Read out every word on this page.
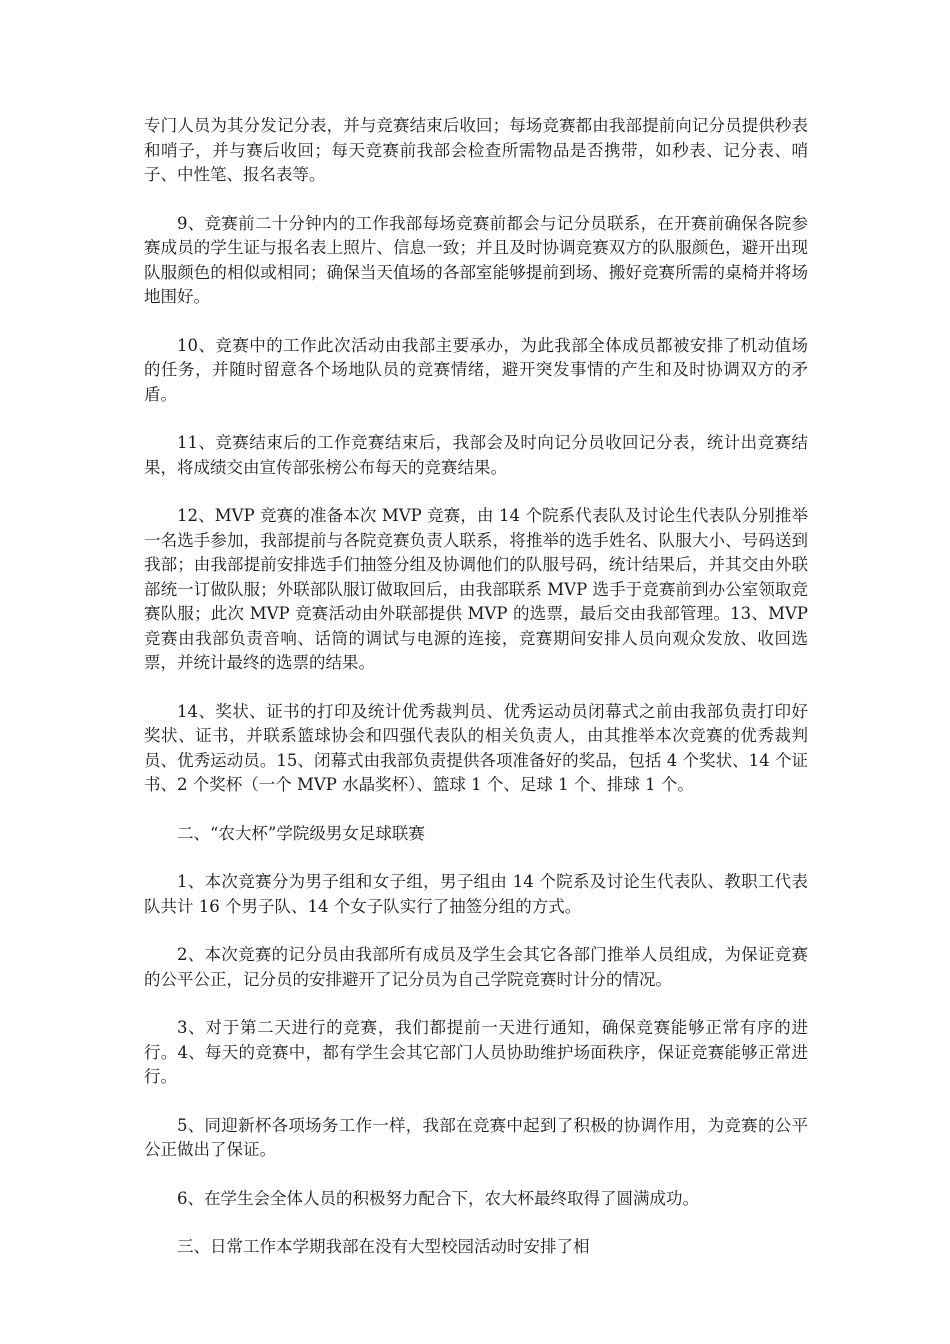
专门人员为其分发记分表，并与竞赛结束后收回；每场竞赛都由我部提前向记分员提供秒表和哨子，并与赛后收回；每天竞赛前我部会检查所需物品是否携带，如秒表、记分表、哨子、中性笔、报名表等。

9、竞赛前二十分钟内的工作我部每场竞赛前都会与记分员联系，在开赛前确保各院参赛成员的学生证与报名表上照片、信息一致；并且及时协调竞赛双方的队服颜色，避开出现队服颜色的相似或相同；确保当天值场的各部室能够提前到场、搬好竞赛所需的桌椅并将场地围好。

10、竞赛中的工作此次活动由我部主要承办，为此我部全体成员都被安排了机动值场的任务，并随时留意各个场地队员的竞赛情绪，避开突发事情的产生和及时协调双方的矛盾。

11、竞赛结束后的工作竞赛结束后，我部会及时向记分员收回记分表，统计出竞赛结果，将成绩交由宣传部张榜公布每天的竞赛结果。

12、MVP 竞赛的准备本次 MVP 竞赛，由 14 个院系代表队及讨论生代表队分别推举一名选手参加，我部提前与各院竞赛负责人联系，将推举的选手姓名、队服大小、号码送到我部；由我部提前安排选手们抽签分组及协调他们的队服号码，统计结果后，并其交由外联部统一订做队服；外联部队服订做取回后，由我部联系 MVP 选手于竞赛前到办公室领取竞赛队服；此次 MVP 竞赛活动由外联部提供 MVP 的选票，最后交由我部管理。13、MVP 竞赛由我部负责音响、话筒的调试与电源的连接，竞赛期间安排人员向观众发放、收回选票，并统计最终的选票的结果。

14、奖状、证书的打印及统计优秀裁判员、优秀运动员闭幕式之前由我部负责打印好奖状、证书，并联系篮球协会和四强代表队的相关负责人，由其推举本次竞赛的优秀裁判员、优秀运动员。15、闭幕式由我部负责提供各项准备好的奖品，包括 4 个奖状、14 个证书、2 个奖杯（一个 MVP 水晶奖杯）、篮球 1 个、足球 1 个、排球 1 个。

二、“农大杯”学院级男女足球联赛

1、本次竞赛分为男子组和女子组，男子组由 14 个院系及讨论生代表队、教职工代表队共计 16 个男子队、14 个女子队实行了抽签分组的方式。

2、本次竞赛的记分员由我部所有成员及学生会其它各部门推举人员组成，为保证竞赛的公平公正，记分员的安排避开了记分员为自己学院竞赛时计分的情况。

3、对于第二天进行的竞赛，我们都提前一天进行通知，确保竞赛能够正常有序的进行。4、每天的竞赛中，都有学生会其它部门人员协助维护场面秩序，保证竞赛能够正常进行。

5、同迎新杯各项场务工作一样，我部在竞赛中起到了积极的协调作用，为竞赛的公平公正做出了保证。

6、在学生会全体人员的积极努力配合下，农大杯最终取得了圆满成功。

三、日常工作本学期我部在没有大型校园活动时安排了相
